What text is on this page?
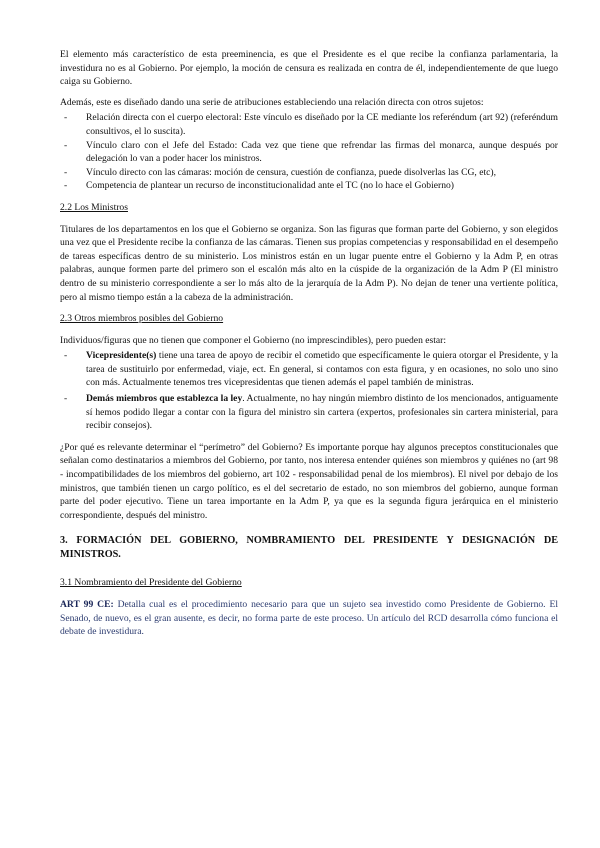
El elemento más característico de esta preeminencia, es que el Presidente es el que recibe la confianza parlamentaria, la investidura no es al Gobierno. Por ejemplo, la moción de censura es realizada en contra de él, independientemente de que luego caiga su Gobierno.

Además, este es diseñado dando una serie de atribuciones estableciendo una relación directa con otros sujetos:

- Relación directa con el cuerpo electoral: Este vínculo es diseñado por la CE mediante los referéndum (art 92) (referéndum consultivos, el lo suscita).
- Vínculo claro con el Jefe del Estado: Cada vez que tiene que refrendar las firmas del monarca, aunque después por delegación lo van a poder hacer los ministros.
- Vínculo directo con las cámaras: moción de censura, cuestión de confianza, puede disolverlas las CG, etc),
- Competencia de plantear un recurso de inconstitucionalidad ante el TC (no lo hace el Gobierno)
2.2 Los Ministros

Titulares de los departamentos en los que el Gobierno se organiza. Son las figuras que forman parte del Gobierno, y son elegidos una vez que el Presidente recibe la confianza de las cámaras. Tienen sus propias competencias y responsabilidad en el desempeño de tareas específicas dentro de su ministerio. Los ministros están en un lugar puente entre el Gobierno y la Adm P, en otras palabras, aunque formen parte del primero son el escalón más alto en la cúspide de la organización de la Adm P (El ministro dentro de su ministerio correspondiente a ser lo más alto de la jerarquía de la Adm P). No dejan de tener una vertiente política, pero al mismo tiempo están a la cabeza de la administración.

2.3 Otros miembros posibles del Gobierno

Individuos/figuras que no tienen que componer el Gobierno (no imprescindibles), pero pueden estar:

- Vicepresidente(s) tiene una tarea de apoyo de recibir el cometido que específicamente le quiera otorgar el Presidente, y la tarea de sustituirlo por enfermedad, viaje, ect. En general, si contamos con esta figura, y en ocasiones, no solo uno sino con más. Actualmente tenemos tres vicepresidentas que tienen además el papel también de ministras.
- Demás miembros que establezca la ley. Actualmente, no hay ningún miembro distinto de los mencionados, antiguamente sí hemos podido llegar a contar con la figura del ministro sin cartera (expertos, profesionales sin cartera ministerial, para recibir consejos).

¿Por qué es relevante determinar el “perímetro” del Gobierno? Es importante porque hay algunos preceptos constitucionales que señalan como destinatarios a miembros del Gobierno, por tanto, nos interesa entender quiénes son miembros y quiénes no (art 98 - incompatibilidades de los miembros del gobierno, art 102 - responsabilidad penal de los miembros). El nivel por debajo de los ministros, que también tienen un cargo político, es el del secretario de estado, no son miembros del gobierno, aunque forman parte del poder ejecutivo. Tiene un tarea importante en la Adm P, ya que es la segunda figura jerárquica en el ministerio correspondiente, después del ministro.

3. FORMACIÓN DEL GOBIERNO, NOMBRAMIENTO DEL PRESIDENTE Y DESIGNACIÓN DE MINISTROS.
3.1 Nombramiento del Presidente del Gobierno

ART 99 CE: Detalla cual es el procedimiento necesario para que un sujeto sea investido como Presidente de Gobierno. El Senado, de nuevo, es el gran ausente, es decir, no forma parte de este proceso. Un artículo del RCD desarrolla cómo funciona el debate de investidura.
